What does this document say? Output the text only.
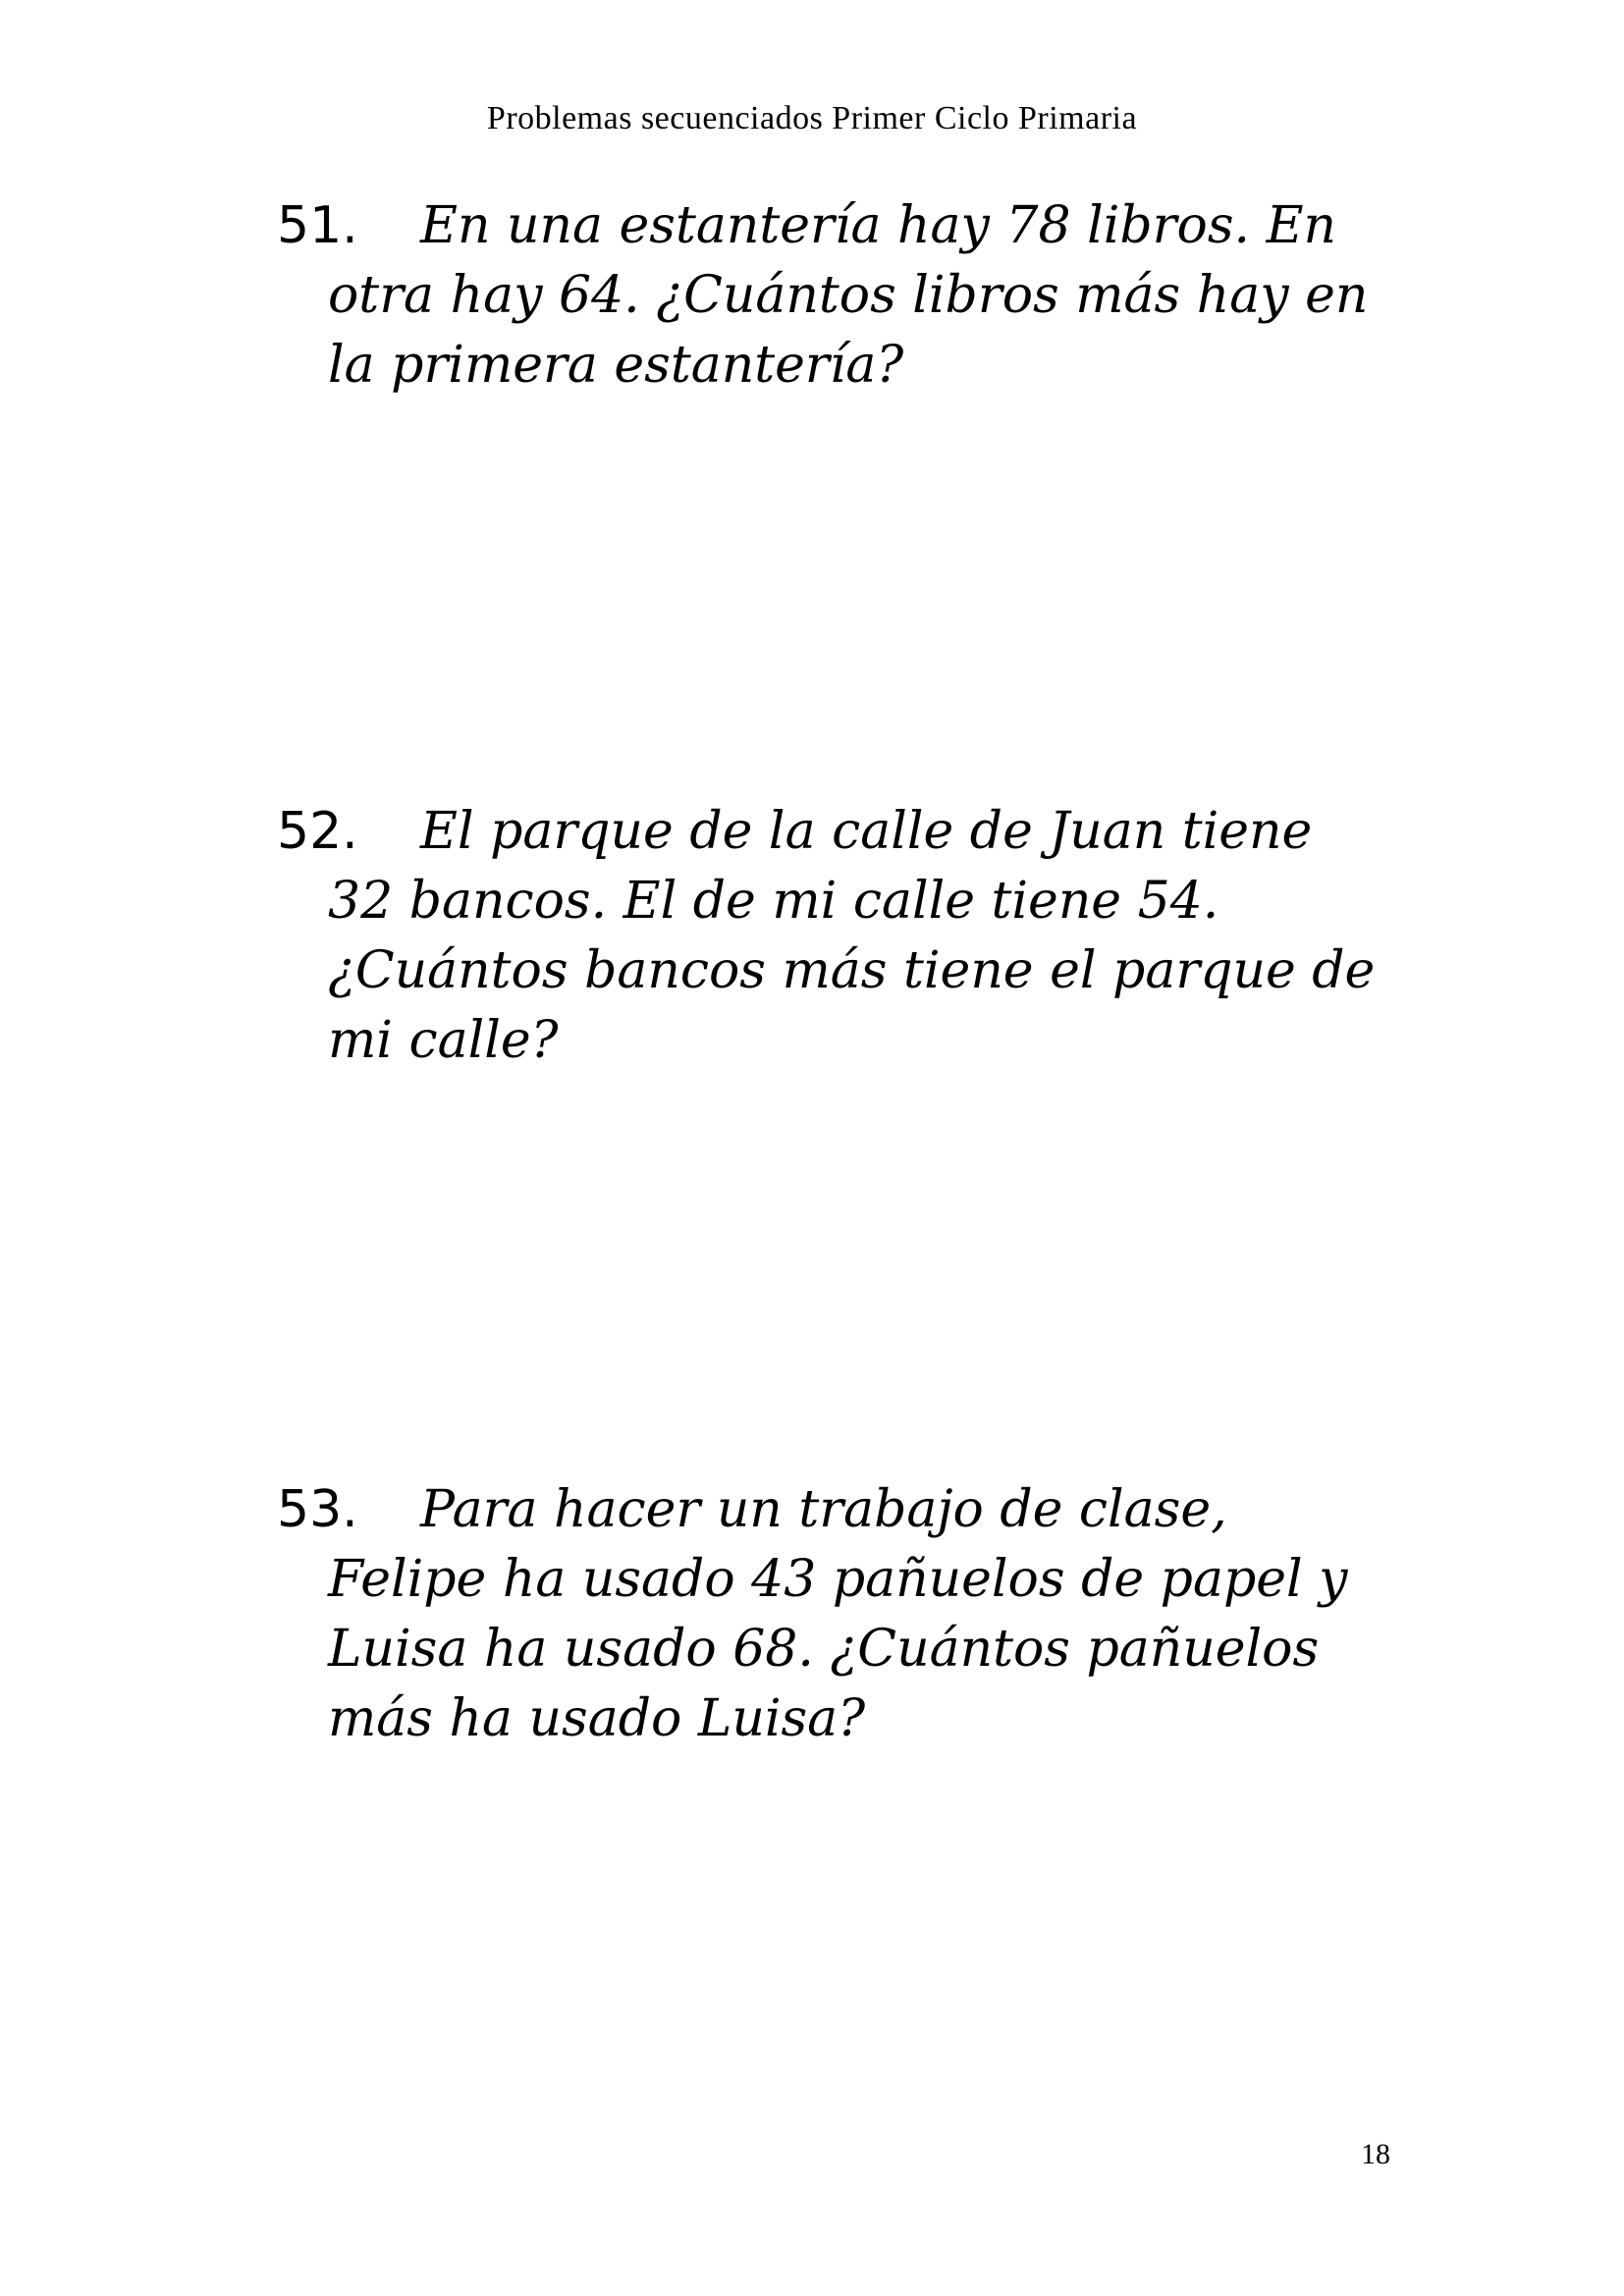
Problemas secuenciados Primer Ciclo Primaria
51. En una estantería hay 78 libros. En
otra hay 64. ¿Cuántos libros más hay en
la primera estantería?
52. El parque de la calle de Juan tiene
32 bancos. El de mi calle tiene 54.
¿Cuántos bancos más tiene el parque de
mi calle?
53. Para hacer un trabajo de clase,
Felipe ha usado 43 pañuelos de papel y
Luisa ha usado 68. ¿Cuántos pañuelos
más ha usado Luisa?
18
